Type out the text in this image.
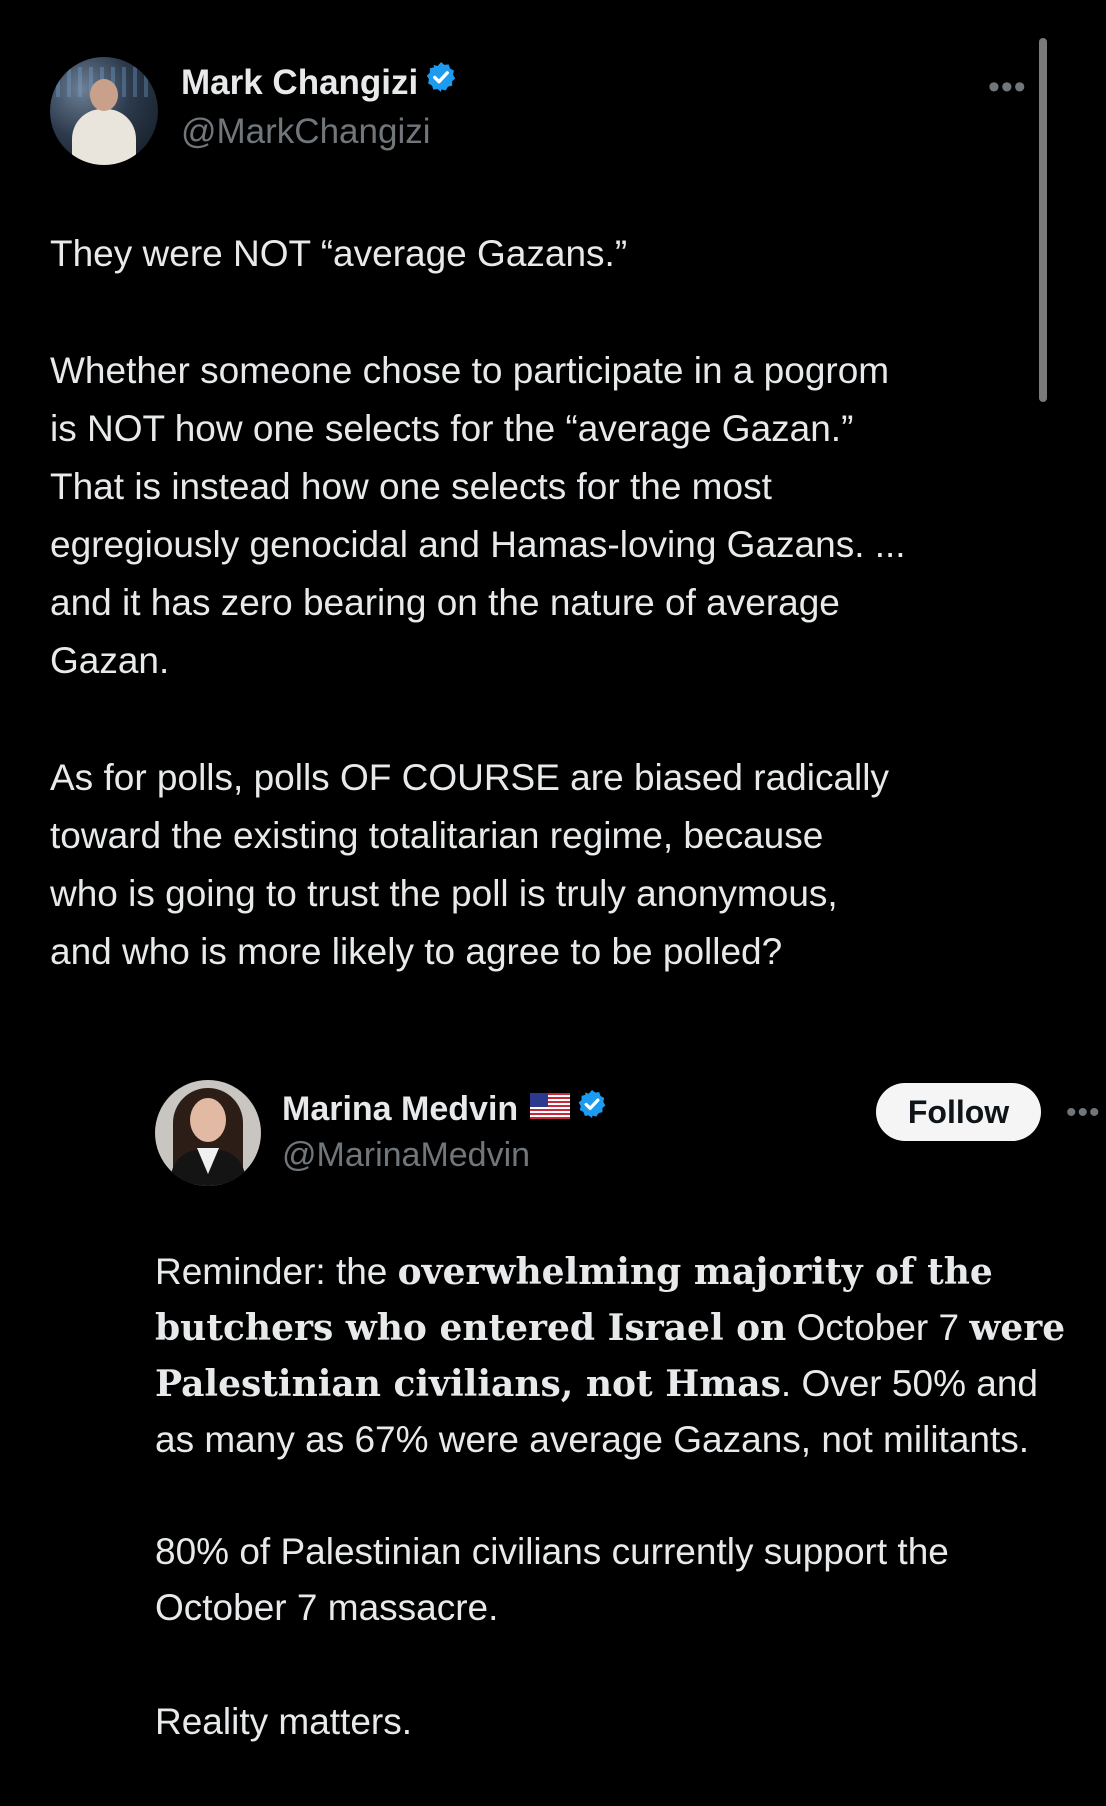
Mark Changizi
@MarkChangizi
•••
They were NOT “average Gazans.”
Whether someone chose to participate in a pogrom
is NOT how one selects for the “average Gazan.”
That is instead how one selects for the most
egregiously genocidal and Hamas-loving Gazans. ...
and it has zero bearing on the nature of average
Gazan.
As for polls, polls OF COURSE are biased radically
toward the existing totalitarian regime, because
who is going to trust the poll is truly anonymous,
and who is more likely to agree to be polled?
Marina Medvin
@MarinaMedvin
Follow	•••
Reminder: the overwhelming majority of the butchers who entered Israel on October 7 were Palestinian civilians, not Hmas. Over 50% and as many as 67% were average Gazans, not militants.
80% of Palestinian civilians currently support the October 7 massacre.
Reality matters.
